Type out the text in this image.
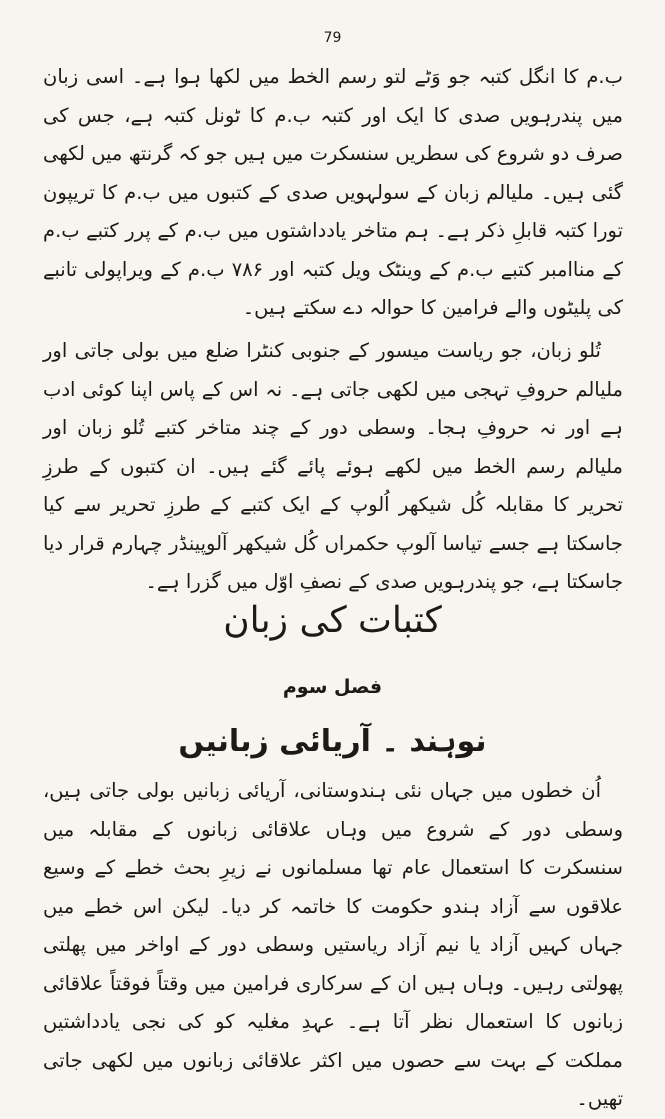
79

ب.م کا انگل کتبہ جو وَٹے لتو رسم الخط میں لکھا ہوا ہے۔ اسی زبان میں پندرہویں صدی کا ایک اور کتبہ ب.م کا ٹونل کتبہ ہے، جس کی صرف دو شروع کی سطریں سنسکرت میں ہیں جو کہ گرنتھ میں لکھی گئی ہیں۔ ملیالم زبان کے سولہویں صدی کے کتبوں میں ب.م کا تریپون تورا کتبہ قابلِ ذکر ہے۔ ہم متاخر یادداشتوں میں ب.م کے پرر کتبے ب.م کے مناامبر کتبے ب.م کے وینٹک ویل کتبہ اور ۷۸۶ ب.م کے ویراپولی تانبے کی پلیٹوں والے فرامین کا حوالہ دے سکتے ہیں۔

تُلو زبان، جو ریاست میسور کے جنوبی کنٹرا ضلع میں بولی جاتی اور ملیالم حروفِ تہجی میں لکھی جاتی ہے۔ نہ اس کے پاس اپنا کوئی ادب ہے اور نہ حروفِ ہجا۔ وسطی دور کے چند متاخر کتبے تُلو زبان اور ملیالم رسم الخط میں لکھے ہوئے پائے گئے ہیں۔ ان کتبوں کے طرزِ تحریر کا مقابلہ کُل شیکھر اُلوپ کے ایک کتبے کے طرزِ تحریر سے کیا جاسکتا ہے جسے تیاسا آلوپ حکمراں کُل شیکھر آلوپینڈر چہارم قرار دیا جاسکتا ہے، جو پندرہویں صدی کے نصفِ اوّل میں گزرا ہے۔

کتبات کی زبان
فصل سوم
نوہند ۔ آریائی زبانیں

اُن خطوں میں جہاں نئی ہندوستانی، آریائی زبانیں بولی جاتی ہیں، وسطی دور کے شروع میں وہاں علاقائی زبانوں کے مقابلہ میں سنسکرت کا استعمال عام تھا مسلمانوں نے زیرِ بحث خطے کے وسیع علاقوں سے آزاد ہندو حکومت کا خاتمہ کر دیا۔ لیکن اس خطے میں جہاں کہیں آزاد یا نیم آزاد ریاستیں وسطی دور کے اواخر میں پھلتی پھولتی رہیں۔ وہاں ہیں ان کے سرکاری فرامین میں وقتاً فوقتاً علاقائی زبانوں کا استعمال نظر آتا ہے۔ عہدِ مغلیہ کو کی نجی یادداشتیں مملکت کے بہت سے حصوں میں اکثر علاقائی زبانوں میں لکھی جاتی تھیں۔
